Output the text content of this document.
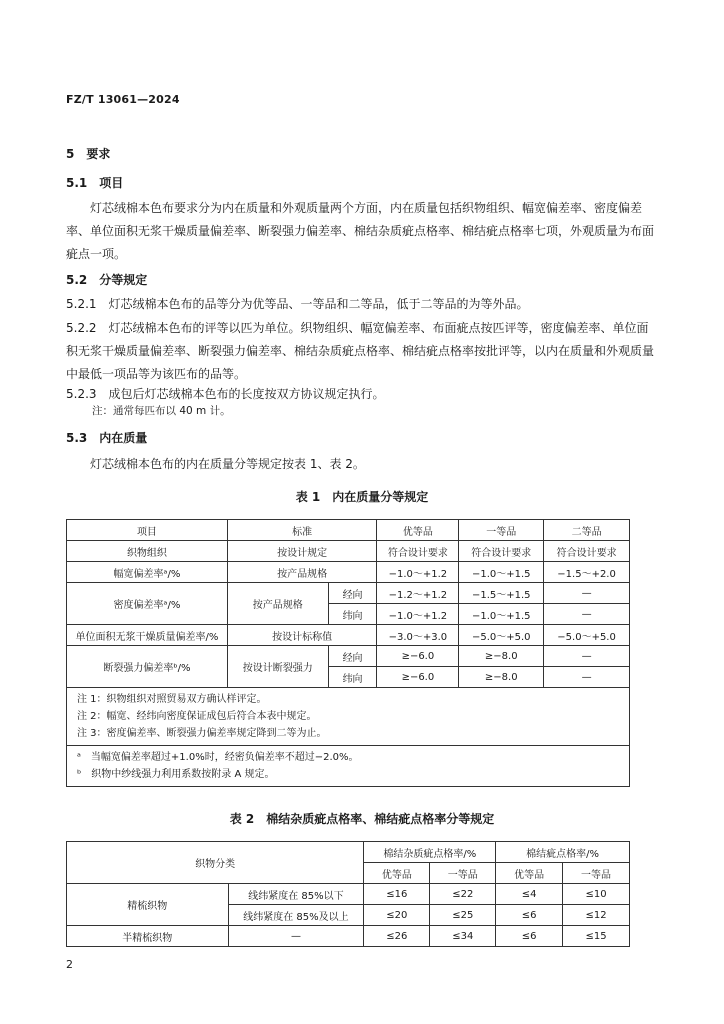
FZ/T 13061—2024
5　要求
5.1　项目
灯芯绒棉本色布要求分为内在质量和外观质量两个方面，内在质量包括织物组织、幅宽偏差率、密度偏差率、单位面积无浆干燥质量偏差率、断裂强力偏差率、棉结杂质疵点格率、棉结疵点格率七项，外观质量为布面疵点一项。
5.2　分等规定
5.2.1　灯芯绒棉本色布的品等分为优等品、一等品和二等品，低于二等品的为等外品。
5.2.2　灯芯绒棉本色布的评等以匹为单位。织物组织、幅宽偏差率、布面疵点按匹评等，密度偏差率、单位面积无浆干燥质量偏差率、断裂强力偏差率、棉结杂质疵点格率、棉结疵点格率按批评等，以内在质量和外观质量中最低一项品等为该匹布的品等。
5.2.3　成包后灯芯绒棉本色布的长度按双方协议规定执行。
注：通常每匹布以 40 m 计。
5.3　内在质量
灯芯绒棉本色布的内在质量分等规定按表 1、表 2。
表 1　内在质量分等规定
项目	标准		优等品	一等品	二等品
织物组织	按设计规定		符合设计要求	符合设计要求	符合设计要求
幅宽偏差率ᵃ/%	按产品规格		−1.0～+1.2	−1.0～+1.5	−1.5～+2.0
密度偏差率ᵃ/%	按产品规格	经向	−1.2～+1.2	−1.5～+1.5	—
		纬向	−1.0～+1.2	−1.0～+1.5	—
单位面积无浆干燥质量偏差率/%	按设计标称值		−3.0～+3.0	−5.0～+5.0	−5.0～+5.0
断裂强力偏差率ᵇ/%	按设计断裂强力	经向	≥−6.0	≥−8.0	—
		纬向	≥−6.0	≥−8.0	—

注 1：织物组织对照贸易双方确认样评定。
注 2：幅宽、经纬向密度保证成包后符合本表中规定。
注 3：密度偏差率、断裂强力偏差率规定降到二等为止。					

ᵃ　当幅宽偏差率超过+1.0%时，经密负偏差率不超过−2.0%。
ᵇ　织物中纱线强力利用系数按附录 A 规定。					
表 2　棉结杂质疵点格率、棉结疵点格率分等规定
织物分类		棉结杂质疵点格率/%		棉结疵点格率/%	
		优等品	一等品	优等品	一等品
精梳织物	线纬紧度在 85%以下	≤16	≤22	≤4	≤10
	线纬紧度在 85%及以上	≤20	≤25	≤6	≤12
半精梳织物	—	≤26	≤34	≤6	≤15
2
